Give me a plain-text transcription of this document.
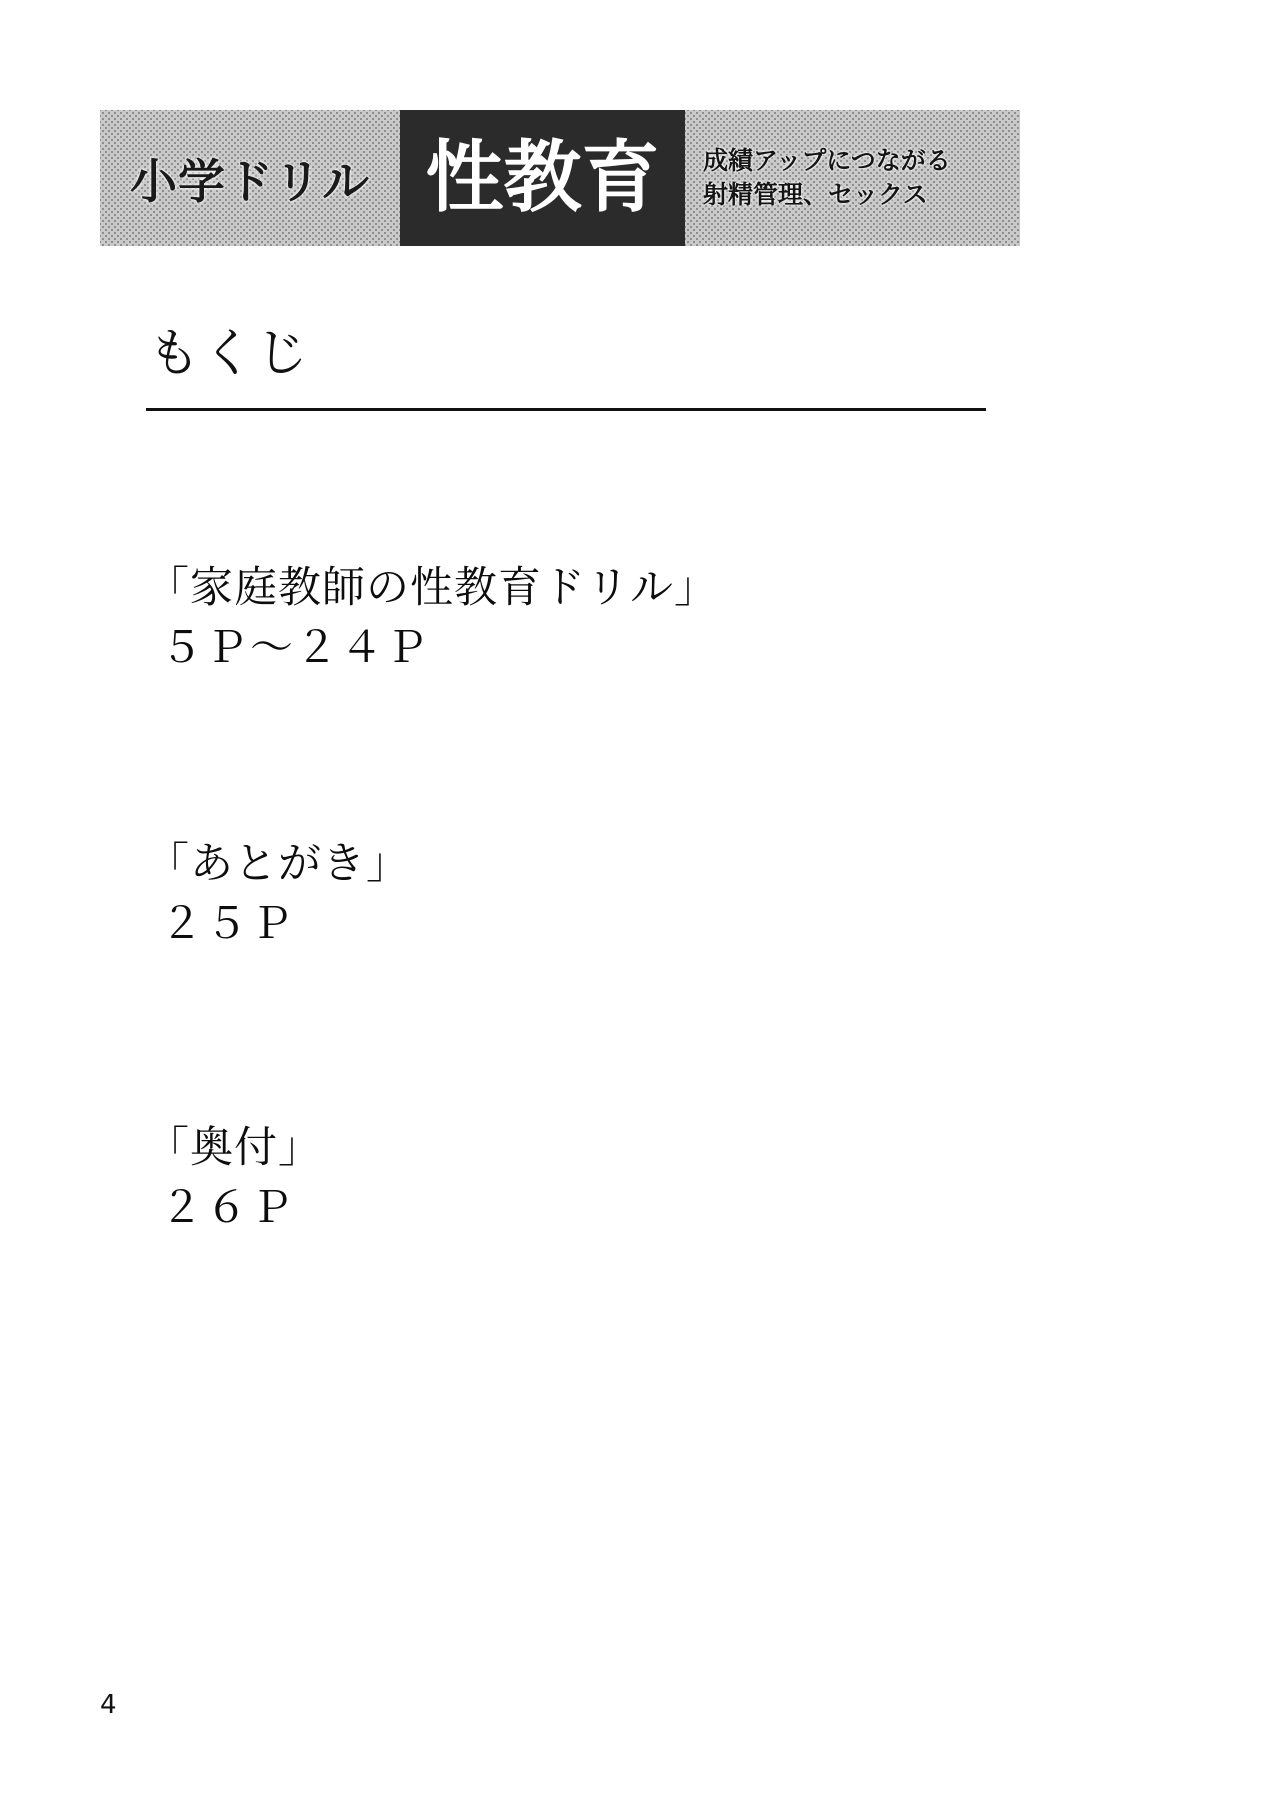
小学ドリル 性教育 成績アップにつながる
射精管理、セックス
もくじ
「家庭教師の性教育ドリル」
５Ｐ～２４Ｐ
「あとがき」
２５Ｐ
「奥付」
２６Ｐ
4
